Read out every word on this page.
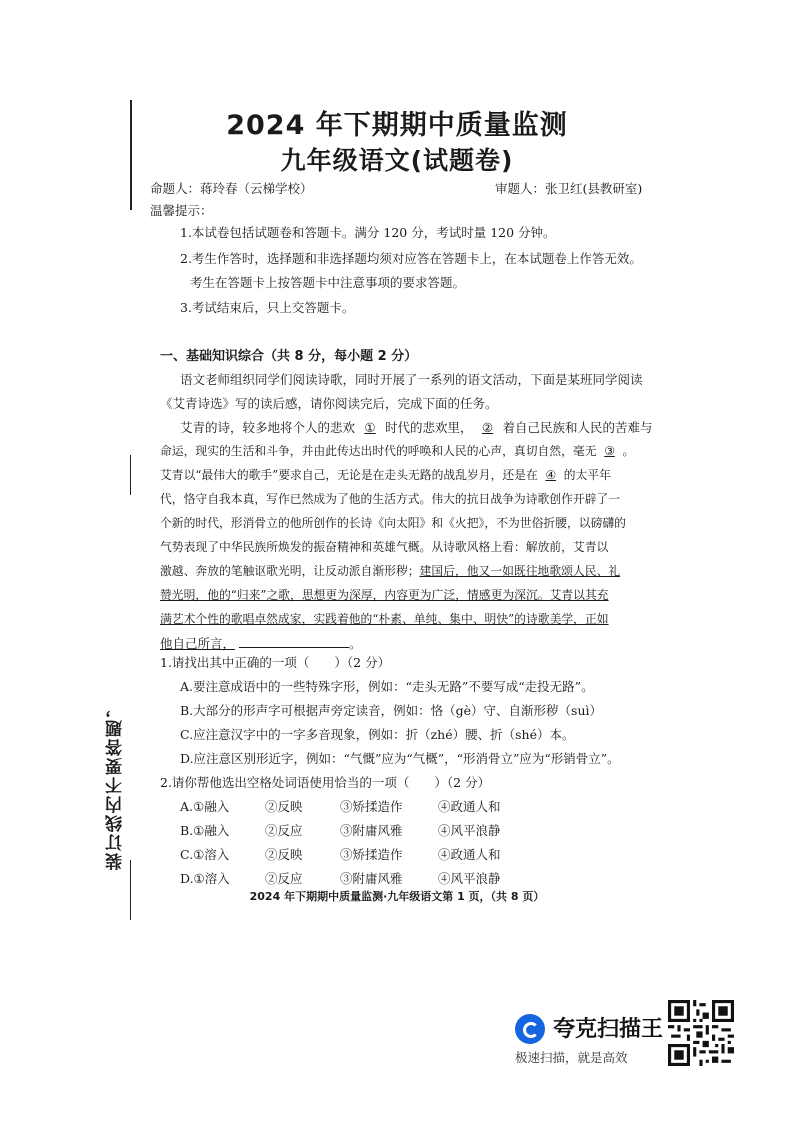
2024 年下期期中质量监测
九年级语文(试题卷)
命题人：蒋玲春（云梯学校）	审题人：张卫红(县教研室)
温馨提示：
1.本试卷包括试题卷和答题卡。满分 120 分，考试时量 120 分钟。
2.考生作答时，选择题和非选择题均须对应答在答题卡上，在本试题卷上作答无效。
考生在答题卡上按答题卡中注意事项的要求答题。
3.考试结束后，只上交答题卡。
一、基础知识综合（共 8 分，每小题 2 分）
语文老师组织同学们阅读诗歌，同时开展了一系列的语文活动，下面是某班同学阅读
《艾青诗选》写的读后感，请你阅读完后，完成下面的任务。
艾青的诗，较多地将个人的悲欢 ① 时代的悲欢里， ② 着自己民族和人民的苦难与
命运，现实的生活和斗争，并由此传达出时代的呼唤和人民的心声，真切自然，毫无 ③ 。
艾青以“最伟大的歌手”要求自己，无论是在走头无路的战乱岁月，还是在 ④ 的太平年
代，恪守自我本真，写作已然成为了他的生活方式。伟大的抗日战争为诗歌创作开辟了一
个新的时代，形消骨立的他所创作的长诗《向太阳》和《火把》，不为世俗折腰，以磅礴的
气势表现了中华民族所焕发的振奋精神和英雄气概。从诗歌风格上看：解放前，艾青以
激越、奔放的笔触讴歌光明，让反动派自渐形秽；建国后，他又一如既往地歌颂人民、礼
赞光明，他的“归来”之歌，思想更为深厚，内容更为广泛，情感更为深沉。艾青以其充
满艺术个性的歌唱卓然成家，实践着他的“朴素、单纯、集中、明快”的诗歌美学，正如
他自己所言，	。
1.请找出其中正确的一项（　　）（2 分）
A.要注意成语中的一些特殊字形，例如：“走头无路”不要写成“走投无路”。
B.大部分的形声字可根据声旁定读音，例如：恪（gè）守、自渐形秽（suì）
C.应注意汉字中的一字多音现象，例如：折（zhé）腰、折（shé）本。
D.应注意区别形近字，例如：“气慨”应为“气概”，“形消骨立”应为“形销骨立”。
2.请你帮他选出空格处词语使用恰当的一项（　　）（2 分）
A.①融入	②反映	③矫揉造作	④政通人和
B.①融入	②反应	③附庸风雅	④风平浪静
C.①溶入	②反映	③矫揉造作	④政通人和
D.①溶入	②反应	③附庸风雅	④风平浪静
2024 年下期期中质量监测·九年级语文第 1 页，（共 8 页）
装订线内不要答题，
夸克扫描王
极速扫描，就是高效
